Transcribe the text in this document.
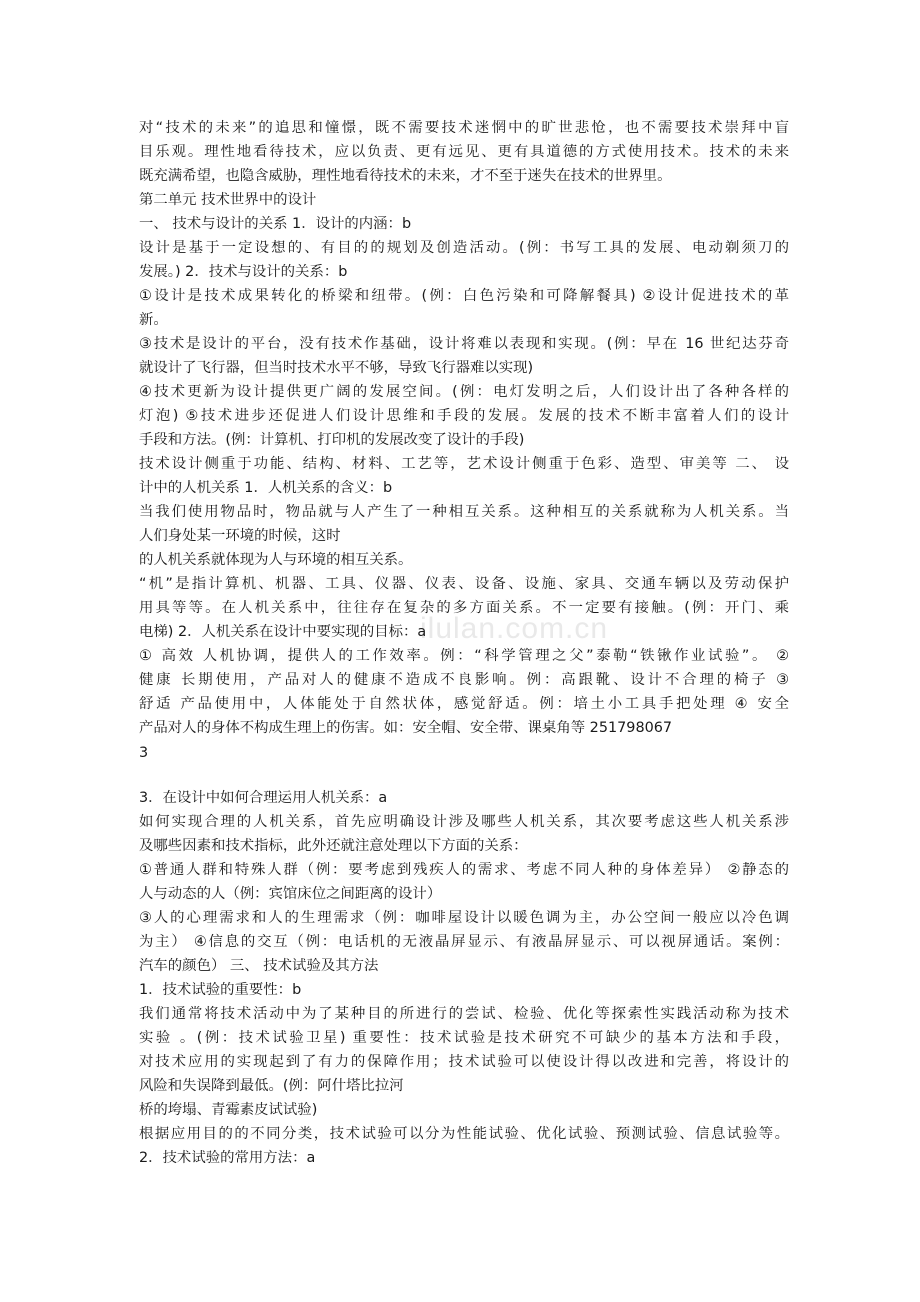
ilulan.com.cn
对“技术的未来”的追思和憧憬，既不需要技术迷惘中的旷世悲怆，也不需要技术崇拜中盲
目乐观。理性地看待技术，应以负责、更有远见、更有具道德的方式使用技术。技术的未来
既充满希望，也隐含威胁，理性地看待技术的未来，才不至于迷失在技术的世界里。
第二单元 技术世界中的设计
一、 技术与设计的关系 1．设计的内涵：b
设计是基于一定设想的、有目的的规划及创造活动。(例：书写工具的发展、电动剃须刀的
发展。) 2．技术与设计的关系：b
①设计是技术成果转化的桥梁和纽带。(例：白色污染和可降解餐具) ②设计促进技术的革
新。
③技术是设计的平台，没有技术作基础，设计将难以表现和实现。(例：早在 16 世纪达芬奇
就设计了飞行器，但当时技术水平不够，导致飞行器难以实现)
④技术更新为设计提供更广阔的发展空间。(例：电灯发明之后，人们设计出了各种各样的
灯泡) ⑤技术进步还促进人们设计思维和手段的发展。发展的技术不断丰富着人们的设计
手段和方法。(例：计算机、打印机的发展改变了设计的手段)
技术设计侧重于功能、结构、材料、工艺等，艺术设计侧重于色彩、造型、审美等 二、 设
计中的人机关系 1．人机关系的含义：b
当我们使用物品时，物品就与人产生了一种相互关系。这种相互的关系就称为人机关系。当
人们身处某一环境的时候，这时
的人机关系就体现为人与环境的相互关系。
“机”是指计算机、机器、工具、仪器、仪表、设备、设施、家具、交通车辆以及劳动保护
用具等等。在人机关系中，往往存在复杂的多方面关系。不一定要有接触。(例：开门、乘
电梯) 2．人机关系在设计中要实现的目标：a
① 高效 人机协调，提供人的工作效率。例：“科学管理之父”泰勒“铁锹作业试验”。 ②
健康 长期使用，产品对人的健康不造成不良影响。例：高跟靴、设计不合理的椅子 ③
舒适 产品使用中，人体能处于自然状体，感觉舒适。例：培土小工具手把处理 ④ 安全
产品对人的身体不构成生理上的伤害。如：安全帽、安全带、课桌角等 251798067
3
3．在设计中如何合理运用人机关系：a
如何实现合理的人机关系，首先应明确设计涉及哪些人机关系，其次要考虑这些人机关系涉
及哪些因素和技术指标，此外还就注意处理以下方面的关系：
①普通人群和特殊人群（例：要考虑到残疾人的需求、考虑不同人种的身体差异） ②静态的
人与动态的人（例：宾馆床位之间距离的设计）
③人的心理需求和人的生理需求（例：咖啡屋设计以暖色调为主，办公空间一般应以冷色调
为主） ④信息的交互（例：电话机的无液晶屏显示、有液晶屏显示、可以视屏通话。案例：
汽车的颜色） 三、 技术试验及其方法
1．技术试验的重要性：b
我们通常将技术活动中为了某种目的所进行的尝试、检验、优化等探索性实践活动称为技术
实验 。(例：技术试验卫星) 重要性：技术试验是技术研究不可缺少的基本方法和手段，
对技术应用的实现起到了有力的保障作用；技术试验可以使设计得以改进和完善，将设计的
风险和失误降到最低。(例：阿什塔比拉河
桥的垮塌、青霉素皮试试验)
根据应用目的的不同分类，技术试验可以分为性能试验、优化试验、预测试验、信息试验等。
2．技术试验的常用方法：a
